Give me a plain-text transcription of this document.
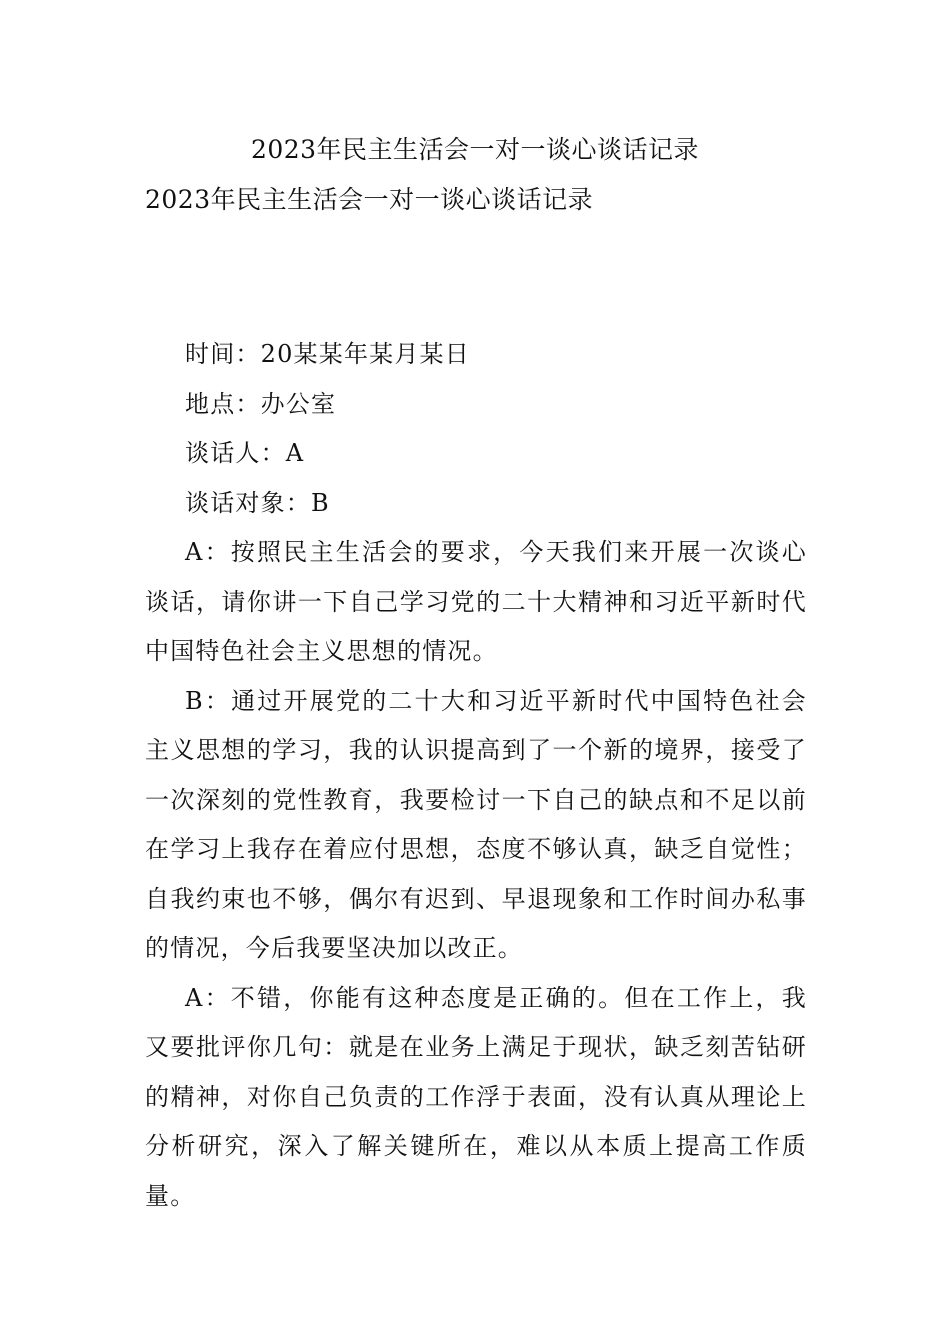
2023年民主生活会一对一谈心谈话记录
2023年民主生活会一对一谈心谈话记录

时间：20某某年某月某日

地点：办公室

谈话人：A

谈话对象：B

A：按照民主生活会的要求，今天我们来开展一次谈心谈话，请你讲一下自己学习党的二十大精神和习近平新时代中国特色社会主义思想的情况。

B：通过开展党的二十大和习近平新时代中国特色社会主义思想的学习，我的认识提高到了一个新的境界，接受了一次深刻的党性教育，我要检讨一下自己的缺点和不足以前在学习上我存在着应付思想，态度不够认真，缺乏自觉性；自我约束也不够，偶尔有迟到、早退现象和工作时间办私事的情况，今后我要坚决加以改正。

A：不错，你能有这种态度是正确的。但在工作上，我又要批评你几句：就是在业务上满足于现状，缺乏刻苦钻研的精神，对你自己负责的工作浮于表面，没有认真从理论上分析研究，深入了解关键所在，难以从本质上提高工作质量。
